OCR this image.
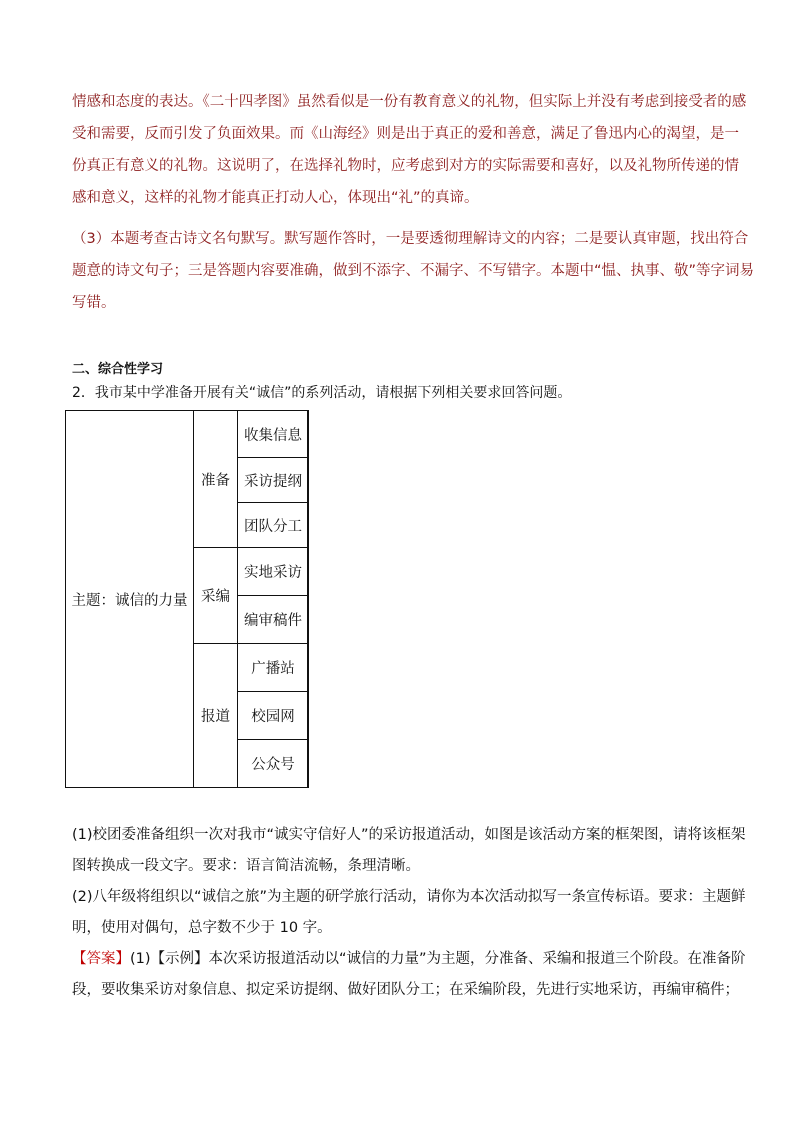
情感和态度的表达。《二十四孝图》虽然看似是一份有教育意义的礼物，但实际上并没有考虑到接受者的感
受和需要，反而引发了负面效果。而《山海经》则是出于真正的爱和善意，满足了鲁迅内心的渴望，是一
份真正有意义的礼物。这说明了，在选择礼物时，应考虑到对方的实际需要和喜好，以及礼物所传递的情
感和意义，这样的礼物才能真正打动人心，体现出“礼”的真谛。
（3）本题考查古诗文名句默写。默写题作答时，一是要透彻理解诗文的内容；二是要认真审题，找出符合
题意的诗文句子；三是答题内容要准确，做到不添字、不漏字、不写错字。本题中“愠、执事、敬”等字词易
写错。
二、综合性学习
2．我市某中学准备开展有关“诚信”的系列活动，请根据下列相关要求回答问题。
主题：诚信的力量
准备
收集信息
采访提纲
团队分工
采编
实地采访
编审稿件
报道
广播站
校园网
公众号
(1)校团委准备组织一次对我市“诚实守信好人”的采访报道活动，如图是该活动方案的框架图，请将该框架
图转换成一段文字。要求：语言简洁流畅，条理清晰。
(2)八年级将组织以“诚信之旅”为主题的研学旅行活动，请你为本次活动拟写一条宣传标语。要求：主题鲜
明，使用对偶句，总字数不少于 10 字。
【答案】(1)【示例】本次采访报道活动以“诚信的力量”为主题，分准备、采编和报道三个阶段。在准备阶
段，要收集采访对象信息、拟定采访提纲、做好团队分工；在采编阶段，先进行实地采访，再编审稿件；
